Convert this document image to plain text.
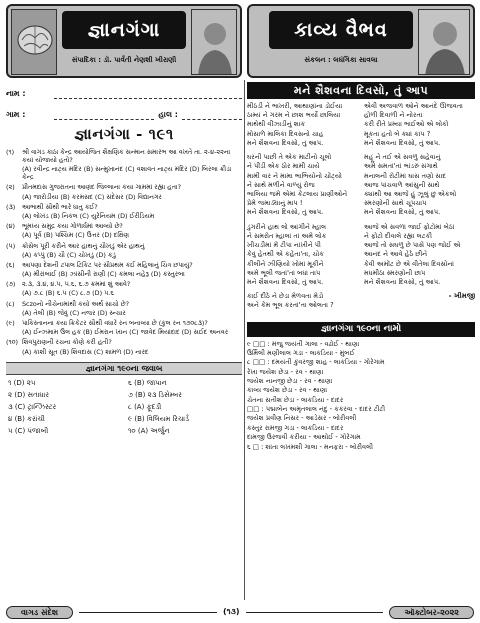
જ્ઞાનગંગા
સંપાદિકા : ડૉ. પાર્વતી નેણશી ખીરાણી
નામ :
ગામ :	હાલ :
જ્ઞાનગંગા - ૧૯૧
(૧)	શ્રી વાગડ કાઠા કેન્દ્ર આયોજિત શૈક્ષણિક સન્માન સમારંભ આ વખતે તા. ૨-૪-૨૨ના કયાં યોજાયો હતો?
(A) રવીન્દ્ર નાટ્ય મંદિર (B) સન્મુખાનંદ (C) વશાવંત નાટ્ય મંદિર (D) બિરલા ક્રીડા કેન્દ્ર
(૨)	પ્રીતમદાસ ગુજરાતના આણંદ જિલ્લાના કયા ગામમાં રહ્યા હતા?
(A) જારોડીયા (B) કરમસદ (C) સંદેસર (D) વિદ્યાનગર
(૩)	આભાથી સૌથી ભારે ધાતુ કઈ?
(A) લોખંડ (B) નિકલ (C) યુરેનિયમ (D) ઈરીડિયમ
(૪)	ભૂમધ્ય સમુદ્ર કયા ગોળાર્ધમાં આવ્યો છે?
(A) પૂર્વ (B) પશ્ચિમ (C) ઉત્તર (D) દક્ષિણ
(૫)	ક્રોસેલ પૂરી કરીને આર હાથનું ચૌખડું એર હાથનું
(A) કપ્પું (B) ચૌ (C) ચોખડું (D) કડું
(૬)	આપણા દેશની ટપાલ ટિકિટ પર સૌપ્રથમ કઈ મહિલાનું ચિત્ર છપાયું?
(A) મીરાંબાઈ (B) ઝાંસીની રાણી (C) કમલા નહેરૂ (D) કસ્તુરબા
(૭)	૨.૩, ૩.૪, ૪.૫, ૫.૬, ૬.૭ ક્રમમાં શું આવે?
(A) ૭.૮ (B) ૬.૫ (C) ૮.૭ (D) ૫.૬
(૮)	Sczoનો નીચેનામાંથી કયો અર્થ સાચો છે?
(A) તેલી (B) જેવું (C) નજર (D) સ્ન્ચાર
(૯)	પાકિસ્તાનના કયા ક્રિકેટર સૌથી વધારે રન બનાવ્યા છે (કુલ રન ૧૭૦૮૩)?
(A) ઈન્ઝમામ ઉલ હક (B) ઈમરાન ખાન (C) જાવેદ મિયાંદાદ (D) સઈદ અનવર
(૧૦) શિવપુરાણની રચના કોણે કરી હતી?
(A) કાશી સૂત (B) શિવદાસ (C) શામળ (D) નારદ
જ્ઞાનગંગા ૧૯૦ના જવાબ
૧ (D) ૨૫	૬ (B) જાપાન
૨ (D) સતાધાર	૭ (B) ૨૩ ડિસેમ્બર
૩ (C) ટ્રાન્ઝિસ્ટર	૮ (A) ફૂદડી
૪ (B) કરાંચી	૯ (B) વિલિયમ રિચાર્ડ
૫ (C) પંજાબી	૧૦ (A) અર્જુન
કાવ્ય વૈભવ
સંકલન : લઘંગિકા સાવલા
મને શૈશવના દિવસો, તું આપ
મીઠડી ને ભાખરી, આથાણાંના ડોઈયા
ઠામ્યં ને ગરમ ને છાશ ભર્યો છાલિયા
માથેથી વીંઝાડીનું શાક
મોસાળે માલિકા દિવસનો ચાહ
મને શૈશવના દિવસો, તું આપ.
ઘરની પાછી તે એક માટીનો ચૂલો
ને પીંડી એક ઠોર મામી ચાયે
મામી વાર ને મામા ભાભિયોનો ચોંટ્યો
ને સાથે મળીને વાળ્યું રોજ
ભાલિયા જમે એમાં કેટલાય પ્રાણીઓને
પ્રેમે જમાડ્યાનું માપ !
મને શૈશવના દિવસો, તું આપ.
ડુંગરીને હાથ લો આંગીને મ્હાલ
ને સમરોત મ્હાલાં તાં અમે લોક
ખીચડીમાં મેં ટીપા નાંખીને પી
કેવું હેતથી એ કહેતા'તા, ચોક
કીલીને ઝીણિયો ખોમાં મૂકીને
અમે ભૂલી જતાં'તાં બધાં તાપ
મને શૈશવના દિવસો, તું આપ.
કાઈ દીઠે ને છેડા મેળવતા મેડો
અને કેમ ભૂલ કરતાં'તા ઓલતા ?
એવી અજવાળ ઓને આનંદે ઊજવતા
હોળી દિવાળી ને નોરતા
કરી રીતે પ્રમ્યા ભાઈઓ એ લોકો
મૂકતા હતો બે ક્યાં કાપ ?
મને શૈશવના દિવસો, તું આપ.
મહૂં ને તઈ એ સવળું સહેવાનું
અમે સમતાં'તાં ભાંડરું સંગાથે
મનાલની રોટીમાં ઘાસ તણો સાદ
આજ પાંચવાળે આંસુની સાથે
ક્યાંથી આ આજે હું ઝૂલું છું એકલો
સ્મરણોની સાથે ચૂપચાપ
મને શૈશવના દિવસો, તું આપ.
આજે એ સવળાં જાઈ ફોટોમાં બેઠાં
ને ફોટો દીવાલે રહ્યા લટકી
આજે તો સઘળું છે પાસે પણ જોઈ એ
આનંદ ને આવે હેઠે છીને
કેવી અમોંટ છે એ વીતેલા દિવસોનાં
મધમીઠા સ્મરણોની છાપ
મને શૈશવના દિવસો, તું આપ.
- ખીમજી
જ્ઞાનગંગા ૧૯૦ના નામો
૯ □□ : મંજુ જયંતી ગાલા - વઢોઈ - થાણા
ઉર્મિલી મણીલાલ ગડા - લાકડિયા - મુંબઈ
૮ □□ : દમયંતી કુંવરજી શાહ - લાકડિયા - ગોરેગામ
રેખા જયેશ છેડા - રવ - થાણા
જયેશ નાનજી છેડા - રવ - થાણા
કાવ્ય જયેશ છેડા - રવ - થાણા
ચેતના સતીશ છેડા - લાકડિયા - દાદર
□□ : પદ્માબેન અમૃતલાલ નંદુ - કકરવા - દાદર ટીટી
જયેશ પ્રવીણ નિસર - આડેસર - બોરીવલી
કસ્તુર રામજી ગડા - લાકડિયા - દાદર
દામજી ઉરજવી કરીયા - આથોઈ - ગોરેગામ
૬ □ : શાંતા લખમશી ગાલા - મનફરા - બોરીવલી
વાગડ સંદેશ	(૧૩)	ઑક્ટોબર-૨૦૨૨
